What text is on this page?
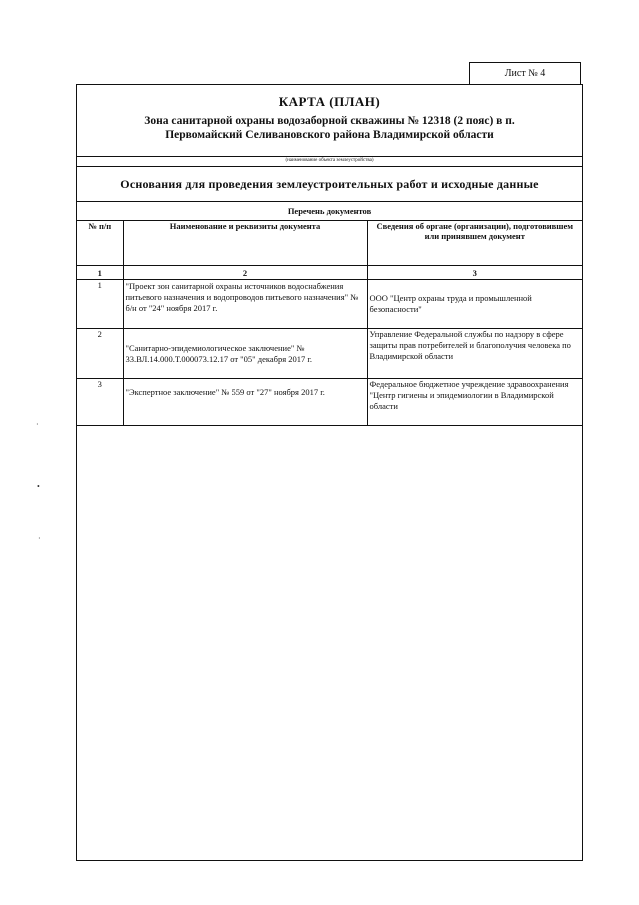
Лист № 4
КАРТА (ПЛАН)
Зона санитарной охраны водозаборной скважины № 12318 (2 пояс) в п.
Первомайский Селивановского района Владимирской области
(наименование объекта землеустройства)
Основания для проведения землеустроительных работ и исходные данные
Перечень документов
№ п/п	Наименование и реквизиты документа	Сведения об органе (организации), подготовившем или принявшем документ
1	2	3
1	"Проект зон санитарной охраны источников водоснабжения питьевого назначения и водопроводов питьевого назначения" № б/н от "24" ноября 2017 г.	ООО "Центр охраны труда и промышленной безопасности"
2	"Санитарно-эпидемиологическое заключение" № 33.ВЛ.14.000.Т.000073.12.17 от "05" декабря 2017 г.	Управление Федеральной службы по надзору в сфере защиты прав потребителей и благополучия человека по Владимирской области
3	"Экспертное заключение" № 559 от "27" ноября 2017 г.	Федеральное бюджетное учреждение здравоохранения "Центр гигиены и эпидемиологии в Владимирской области
·
•
·
